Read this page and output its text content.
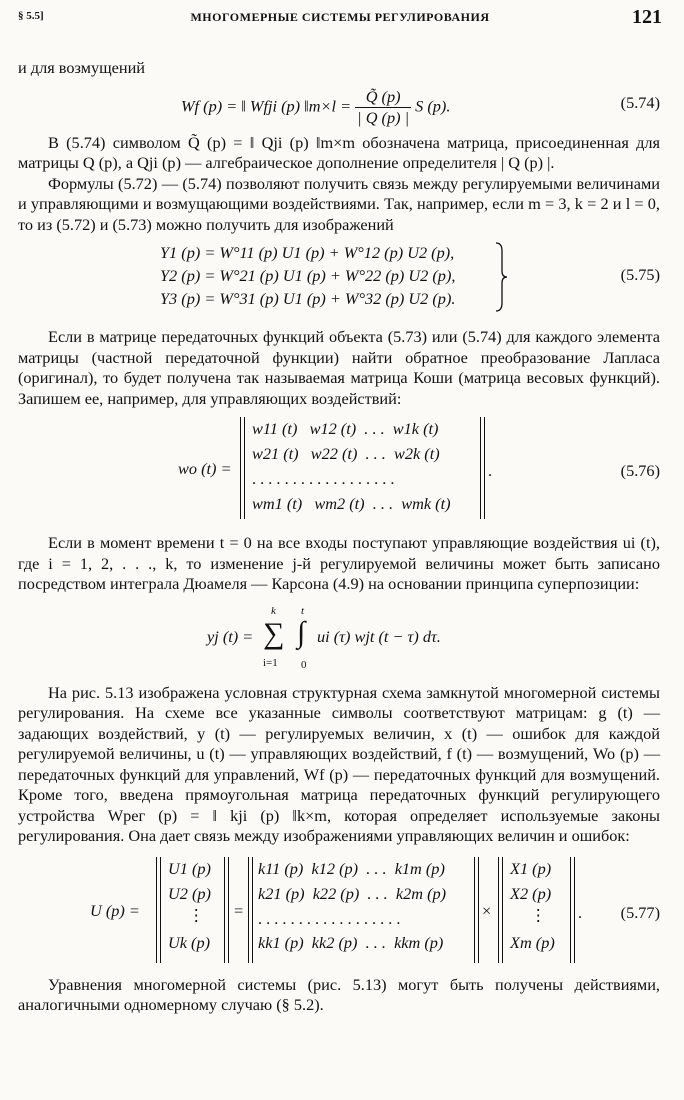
§ 5.5]	МНОГОМЕРНЫЕ СИСТЕМЫ РЕГУЛИРОВАНИЯ	121

и для возмущений

Wf (p) = ‖ Wfji (p) ‖m×l = $\frac{Q̃ (p)}{| Q (p) |}$ S (p).	(5.74)

В (5.74) символом Q̃ (p) = ‖ Qji (p) ‖m×m обозначена матрица, присоединенная для матрицы Q (p), а Qji (p) — алгебраическое дополнение определителя | Q (p) |.

Формулы (5.72) — (5.74) позволяют получить связь между регулируемыми величинами и управляющими и возмущающими воздействиями. Так, например, если m = 3, k = 2 и l = 0, то из (5.72) и (5.73) можно получить для изображений

Y1 (p) = W°11 (p) U1 (p) + W°12 (p) U2 (p),
Y2 (p) = W°21 (p) U1 (p) + W°22 (p) U2 (p),
Y3 (p) = W°31 (p) U1 (p) + W°32 (p) U2 (p).
(5.75)

Если в матрице передаточных функций объекта (5.73) или (5.74) для каждого элемента матрицы (частной передаточной функции) найти обратное преобразование Лапласа (оригинал), то будет получена так называемая матрица Коши (матрица весовых функций). Запишем ее, например, для управляющих воздействий:

wo (t) =
w11 (t)   w12 (t)  . . .  w1k (t)
w21 (t)   w22 (t)  . . .  w2k (t)
. . . . . . . . . . . . . . . . . .
wm1 (t)   wm2 (t)  . . .  wmk (t)
.	(5.76)

Если в момент времени t = 0 на все входы поступают управляющие воздействия ui (t), где i = 1, 2, . . ., k, то изменение j-й регулируемой величины может быть записано посредством интеграла Дюамеля — Карсона (4.9) на основании принципа суперпозиции:

yj (t) =
k
∑
i=1
t
∫
0
ui (τ) wjt (t − τ) dτ.

На рис. 5.13 изображена условная структурная схема замкнутой многомерной системы регулирования. На схеме все указанные символы соответствуют матрицам: g (t) — задающих воздействий, y (t) — регулируемых величин, x (t) — ошибок для каждой регулируемой величины, u (t) — управляющих воздействий, f (t) — возмущений, Wo (p) — передаточных функций для управлений, Wf (p) — передаточных функций для возмущений. Кроме того, введена прямоугольная матрица передаточных функций регулирующего устройства Wрег (p) = ‖ kji (p) ‖k×m, которая определяет используемые законы регулирования. Она дает связь между изображениями управляющих величин и ошибок:

U (p) =
U1 (p)
U2 (p)
⋮
Uk (p)
=
k11 (p)  k12 (p)  . . .  k1m (p)
k21 (p)  k22 (p)  . . .  k2m (p)
. . . . . . . . . . . . . . . . . .
kk1 (p)  kk2 (p)  . . .  kkm (p)
×
X1 (p)
X2 (p)
⋮
Xm (p)
. (5.77)

Уравнения многомерной системы (рис. 5.13) могут быть получены действиями, аналогичными одномерному случаю (§ 5.2).
